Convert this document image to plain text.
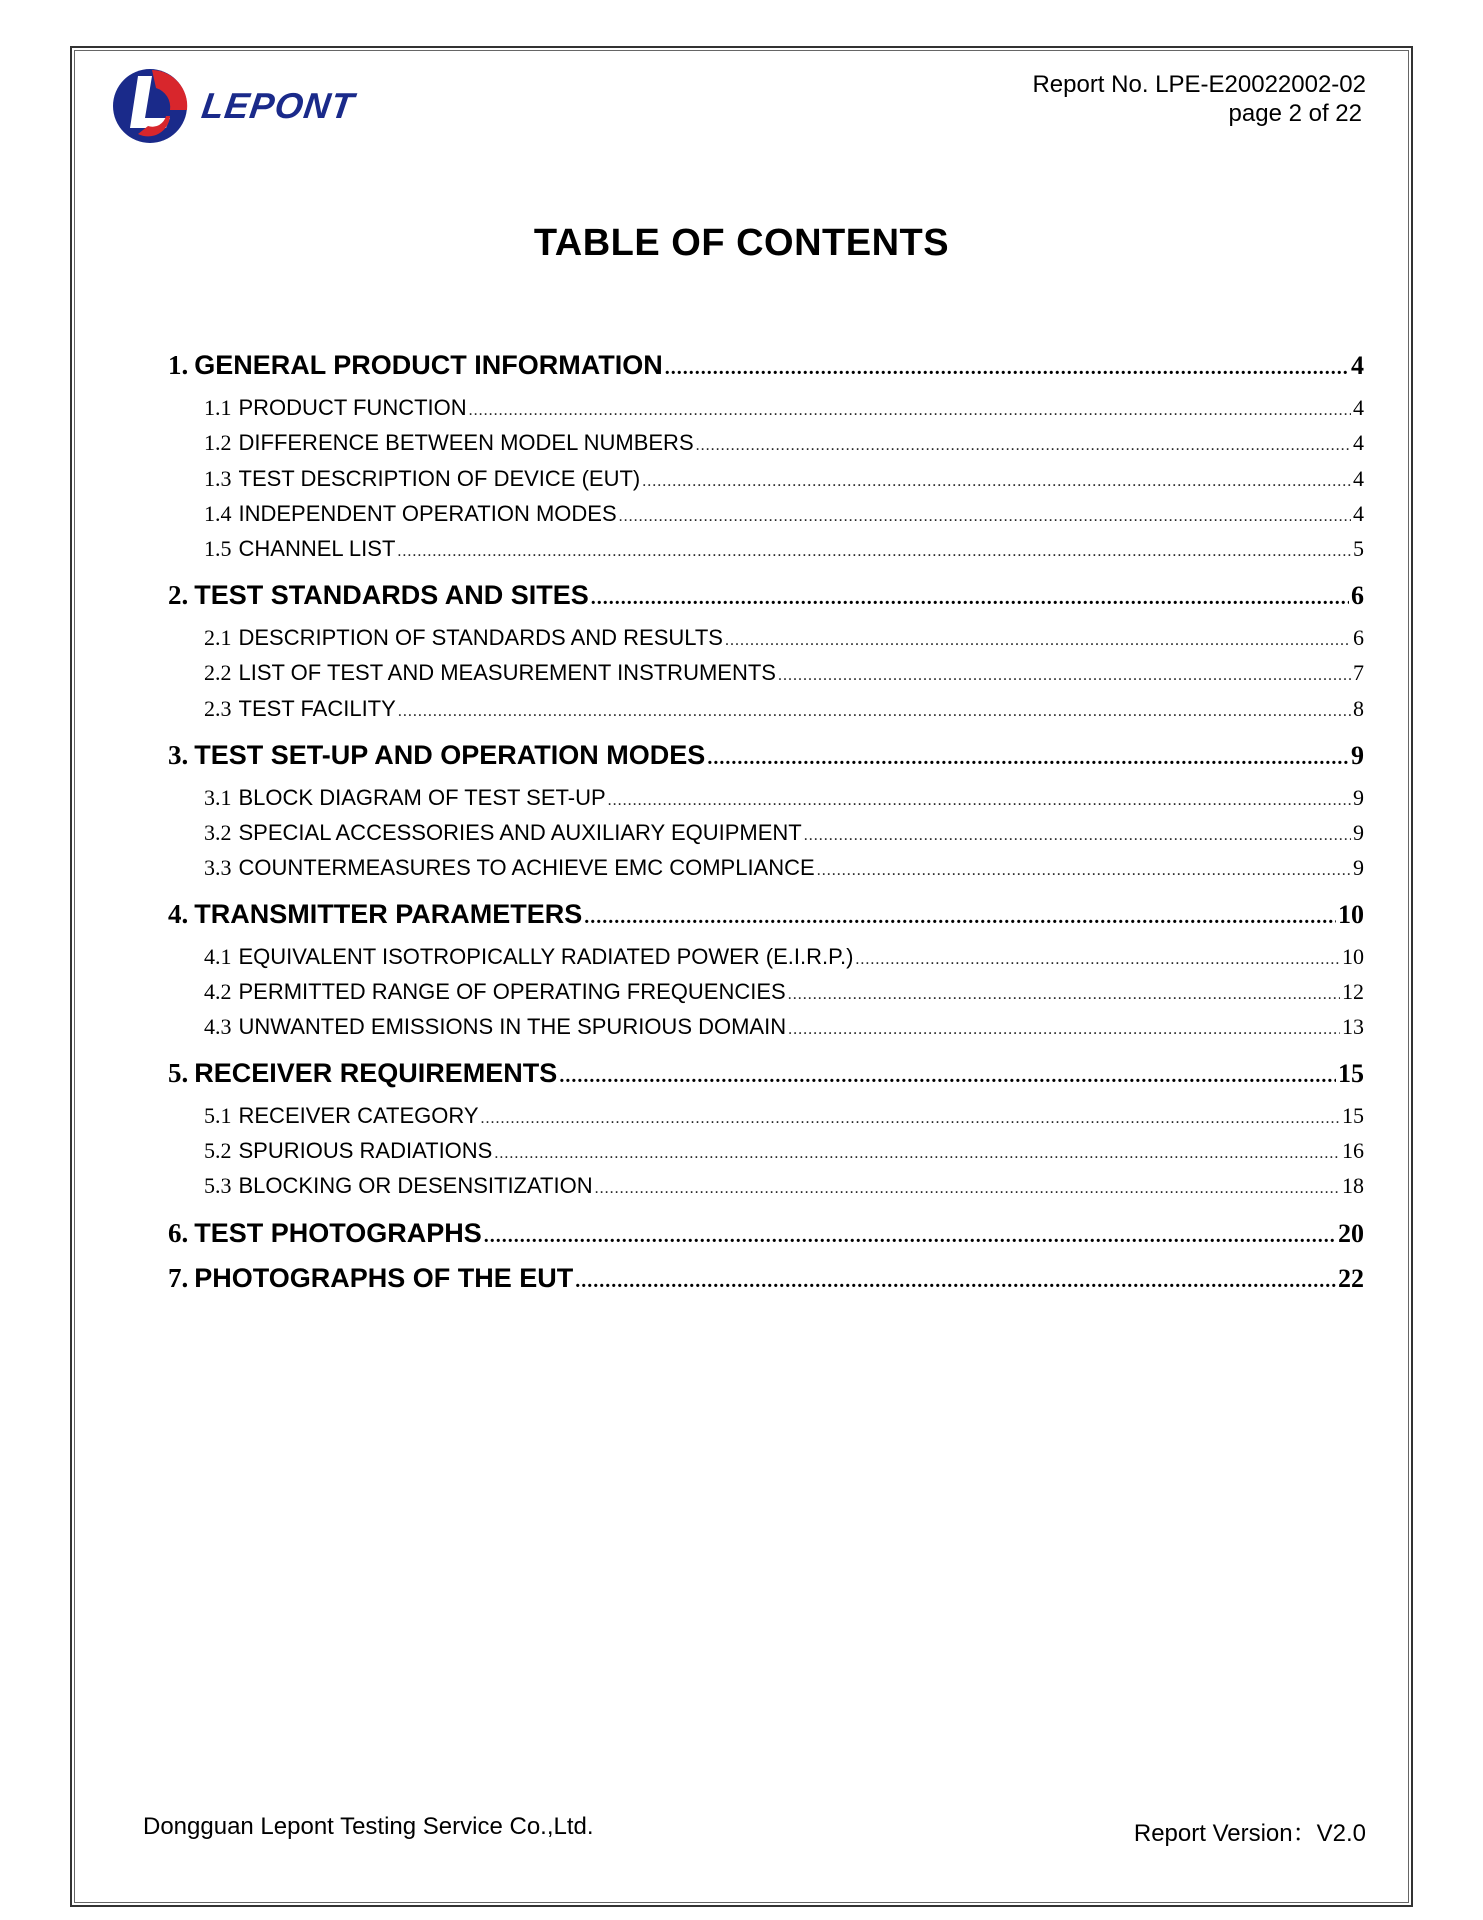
LEPONT
Report No. LPE-E20022002-02
page 2 of 22
TABLE OF CONTENTS
1. GENERAL PRODUCT INFORMATION .....	4
1.1 PRODUCT FUNCTION .....	4
1.2 DIFFERENCE BETWEEN MODEL NUMBERS .....	4
1.3 TEST DESCRIPTION OF DEVICE (EUT) .....	4
1.4 INDEPENDENT OPERATION MODES .....	4
1.5 CHANNEL LIST .....	5
2. TEST STANDARDS AND SITES .....	6
2.1 DESCRIPTION OF STANDARDS AND RESULTS .....	6
2.2 LIST OF TEST AND MEASUREMENT INSTRUMENTS .....	7
2.3 TEST FACILITY .....	8
3. TEST SET-UP AND OPERATION MODES .....	9
3.1 BLOCK DIAGRAM OF TEST SET-UP .....	9
3.2 SPECIAL ACCESSORIES AND AUXILIARY EQUIPMENT .....	9
3.3 COUNTERMEASURES TO ACHIEVE EMC COMPLIANCE .....	9
4. TRANSMITTER PARAMETERS .....	10
4.1 EQUIVALENT ISOTROPICALLY RADIATED POWER (E.I.R.P.) .....	10
4.2 PERMITTED RANGE OF OPERATING FREQUENCIES .....	12
4.3 UNWANTED EMISSIONS IN THE SPURIOUS DOMAIN .....	13
5. RECEIVER REQUIREMENTS .....	15
5.1 RECEIVER CATEGORY .....	15
5.2 SPURIOUS RADIATIONS .....	16
5.3 BLOCKING OR DESENSITIZATION .....	18
6. TEST PHOTOGRAPHS .....	20
7. PHOTOGRAPHS OF THE EUT .....	22
Dongguan Lepont Testing Service Co.,Ltd.	Report Version：V2.0
